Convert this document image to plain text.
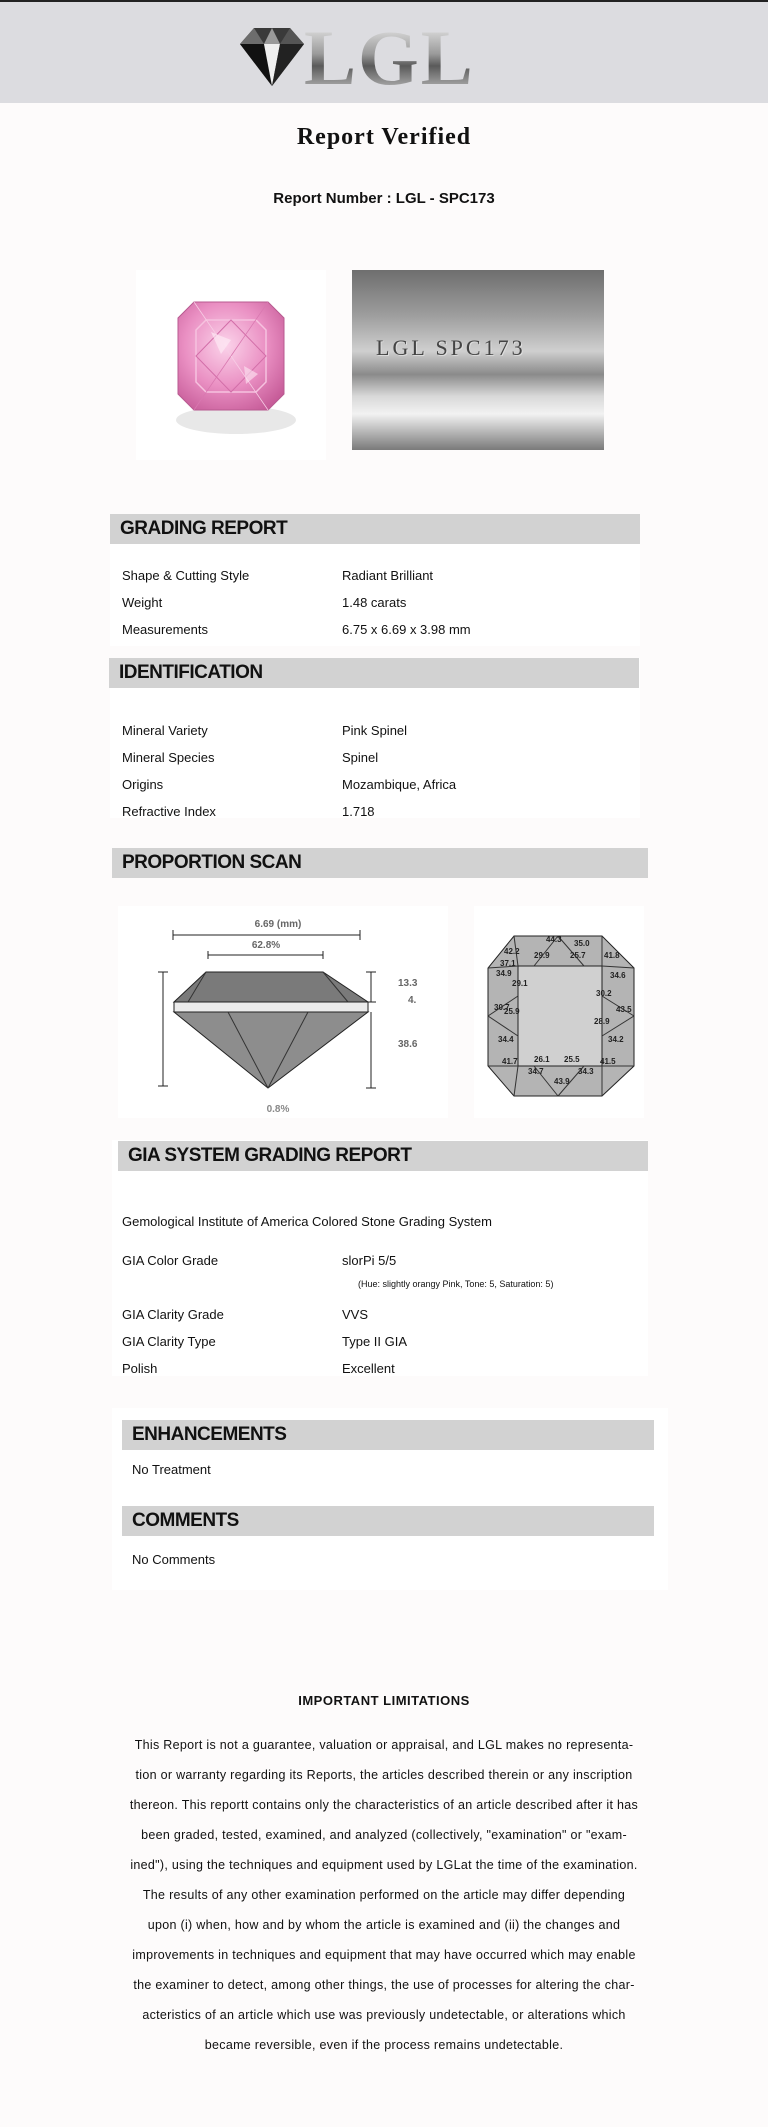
LGL
Report Verified
Report Number : LGL - SPC173
LGL SPC173
GRADING REPORT
Shape & Cutting Style	Radiant Brilliant
Weight	1.48 carats
Measurements	6.75 x 6.69 x 3.98 mm
IDENTIFICATION
Mineral Variety	Pink Spinel
Mineral Species	Spinel
Origins	Mozambique, Africa
Refractive Index	1.718
PROPORTION SCAN
6.69 (mm)
62.8%
13.3
4.
38.6
0.8%
44.3 35.0
42.2 29.9	25.7 41.8
37.1
34.9
29.1
34.6
30.2
30.7	43.5
25.9
28.9
34.4	34.2
26.1 25.5
41.7	41.5
34.7	34.3
43.9
GIA SYSTEM GRADING REPORT
Gemological Institute of America Colored Stone Grading System
GIA Color Grade	slorPi 5/5
(Hue: slightly orangy Pink, Tone: 5, Saturation: 5)
GIA Clarity Grade	VVS
GIA Clarity Type	Type II GIA
Polish	Excellent
ENHANCEMENTS
No Treatment
COMMENTS
No Comments
IMPORTANT LIMITATIONS
This Report is not a guarantee, valuation or appraisal, and LGL makes no representa-
tion or warranty regarding its Reports, the articles described therein or any inscription
thereon. This reportt contains only the characteristics of an article described after it has
been graded, tested, examined, and analyzed (collectively, "examination" or "exam-
ined"), using the techniques and equipment used by LGLat the time of the examination.
The results of any other examination performed on the article may differ depending
upon (i) when, how and by whom the article is examined and (ii) the changes and
improvements in techniques and equipment that may have occurred which may enable
the examiner to detect, among other things, the use of processes for altering the char-
acteristics of an article which use was previously undetectable, or alterations which
became reversible, even if the process remains undetectable.
